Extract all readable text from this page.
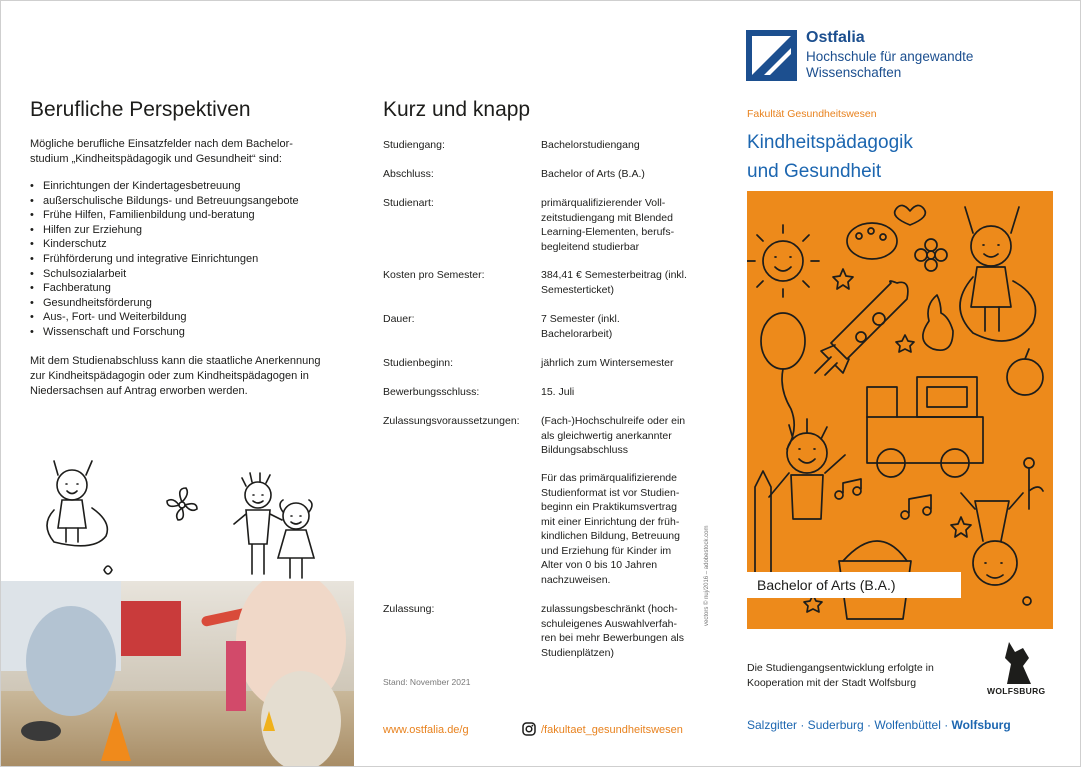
Berufliche Perspektiven
Mögliche berufliche Einsatzfelder nach dem Bachelor-studium „Kindheitspädagogik und Gesundheit“ sind:
• Einrichtungen der Kindertagesbetreuung
• außerschulische Bildungs- und Betreuungsangebote
• Frühe Hilfen, Familienbildung und-beratung
• Hilfen zur Erziehung
• Kinderschutz
• Frühförderung und integrative Einrichtungen
• Schulsozialarbeit
• Fachberatung
• Gesundheitsförderung
• Aus-, Fort- und Weiterbildung
• Wissenschaft und Forschung
Mit dem Studienabschluss kann die staatliche Anerkennung zur Kindheitspädagogin oder zum Kindheitspädagogen in Niedersachsen auf Antrag erworben werden.
Kurz und knapp
Studiengang:	Bachelorstudiengang
Abschluss:	Bachelor of Arts (B.A.)
Studienart:	primärqualifizierender Voll-zeitstudiengang mit Blended Learning-Elementen, berufs-begleitend studierbar
Kosten pro Semester:	384,41 € Semesterbeitrag (inkl. Semesterticket)
Dauer:	7 Semester (inkl. Bachelorarbeit)
Studienbeginn:	jährlich zum Wintersemester
Bewerbungsschluss:	15. Juli
Zulassungsvoraussetzungen:	(Fach-)Hochschulreife oder ein als gleichwertig anerkannter Bildungsabschluss
Für das primärqualifizierende Studienformat ist vor Studien-beginn ein Praktikumsvertrag mit einer Einrichtung der früh-kindlichen Bildung, Betreuung und Erziehung für Kinder im Alter von 0 bis 10 Jahren nachzuweisen.
Zulassung:	zulassungsbeschränkt (hoch-schuleigenes Auswahlverfah-ren bei mehr Bewerbungen als Studienplätzen)
Stand: November 2021
www.ostfalia.de/g	/fakultaet_gesundheitswesen
vectors © nuj/2016 – adobestock.com
Ostfalia
Hochschule für angewandte
Wissenschaften
Fakultät Gesundheitswesen
Kindheitspädagogik
und Gesundheit
Bachelor of Arts (B.A.)
Die Studiengangsentwicklung erfolgte in Kooperation mit der Stadt Wolfsburg
WOLFSBURG
Salzgitter · Suderburg · Wolfenbüttel · Wolfsburg
